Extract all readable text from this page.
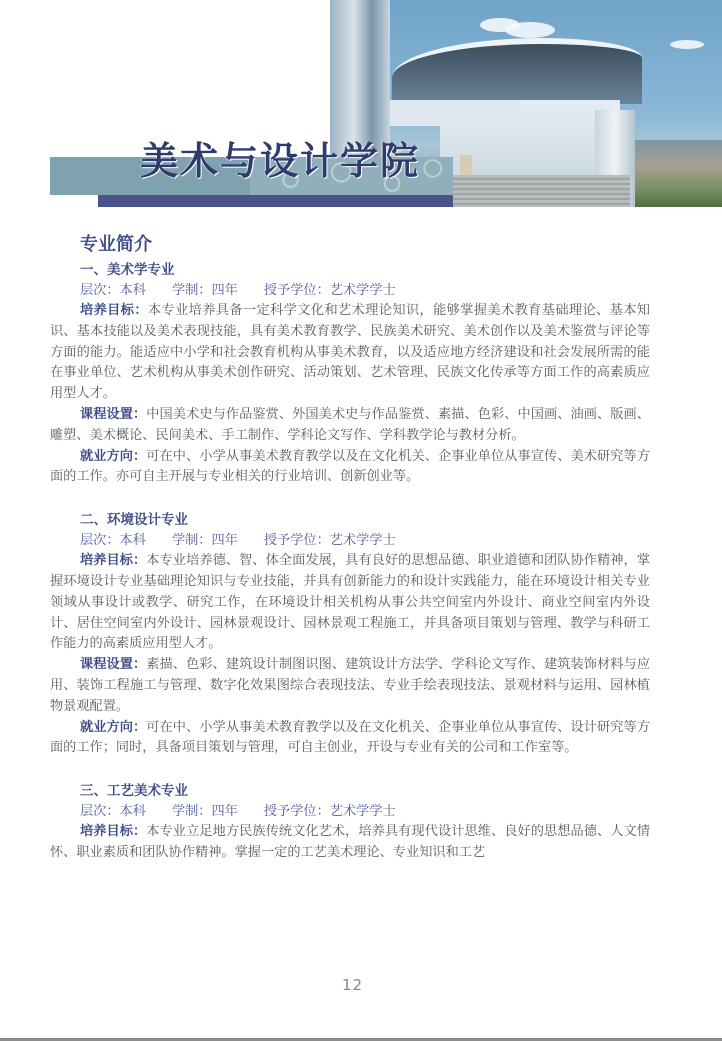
美术与设计学院
专业简介
一、美术学专业
层次：本科 学制：四年 授予学位：艺术学学士

培养目标：本专业培养具备一定科学文化和艺术理论知识，能够掌握美术教育基础理论、基本知识、基本技能以及美术表现技能，具有美术教育教学、民族美术研究、美术创作以及美术鉴赏与评论等方面的能力。能适应中小学和社会教育机构从事美术教育，以及适应地方经济建设和社会发展所需的能在事业单位、艺术机构从事美术创作研究、活动策划、艺术管理、民族文化传承等方面工作的高素质应用型人才。

课程设置：中国美术史与作品鉴赏、外国美术史与作品鉴赏、素描、色彩、中国画、油画、版画、雕塑、美术概论、民间美术、手工制作、学科论文写作、学科教学论与教材分析。

就业方向：可在中、小学从事美术教育教学以及在文化机关、企事业单位从事宣传、美术研究等方面的工作。亦可自主开展与专业相关的行业培训、创新创业等。

二、环境设计专业
层次：本科 学制：四年 授予学位：艺术学学士

培养目标：本专业培养德、智、体全面发展，具有良好的思想品德、职业道德和团队协作精神，掌握环境设计专业基础理论知识与专业技能，并具有创新能力的和设计实践能力，能在环境设计相关专业领域从事设计或教学、研究工作，在环境设计相关机构从事公共空间室内外设计、商业空间室内外设计、居住空间室内外设计、园林景观设计、园林景观工程施工，并具备项目策划与管理、教学与科研工作能力的高素质应用型人才。

课程设置：素描、色彩、建筑设计制图识图、建筑设计方法学、学科论文写作、建筑装饰材料与应用、装饰工程施工与管理、数字化效果图综合表现技法、专业手绘表现技法、景观材料与运用、园林植物景观配置。

就业方向：可在中、小学从事美术教育教学以及在文化机关、企事业单位从事宣传、设计研究等方面的工作；同时，具备项目策划与管理，可自主创业，开设与专业有关的公司和工作室等。

三、工艺美术专业
层次：本科 学制：四年 授予学位：艺术学学士

培养目标：本专业立足地方民族传统文化艺术，培养具有现代设计思维、良好的思想品德、人文情怀、职业素质和团队协作精神。掌握一定的工艺美术理论、专业知识和工艺

12
